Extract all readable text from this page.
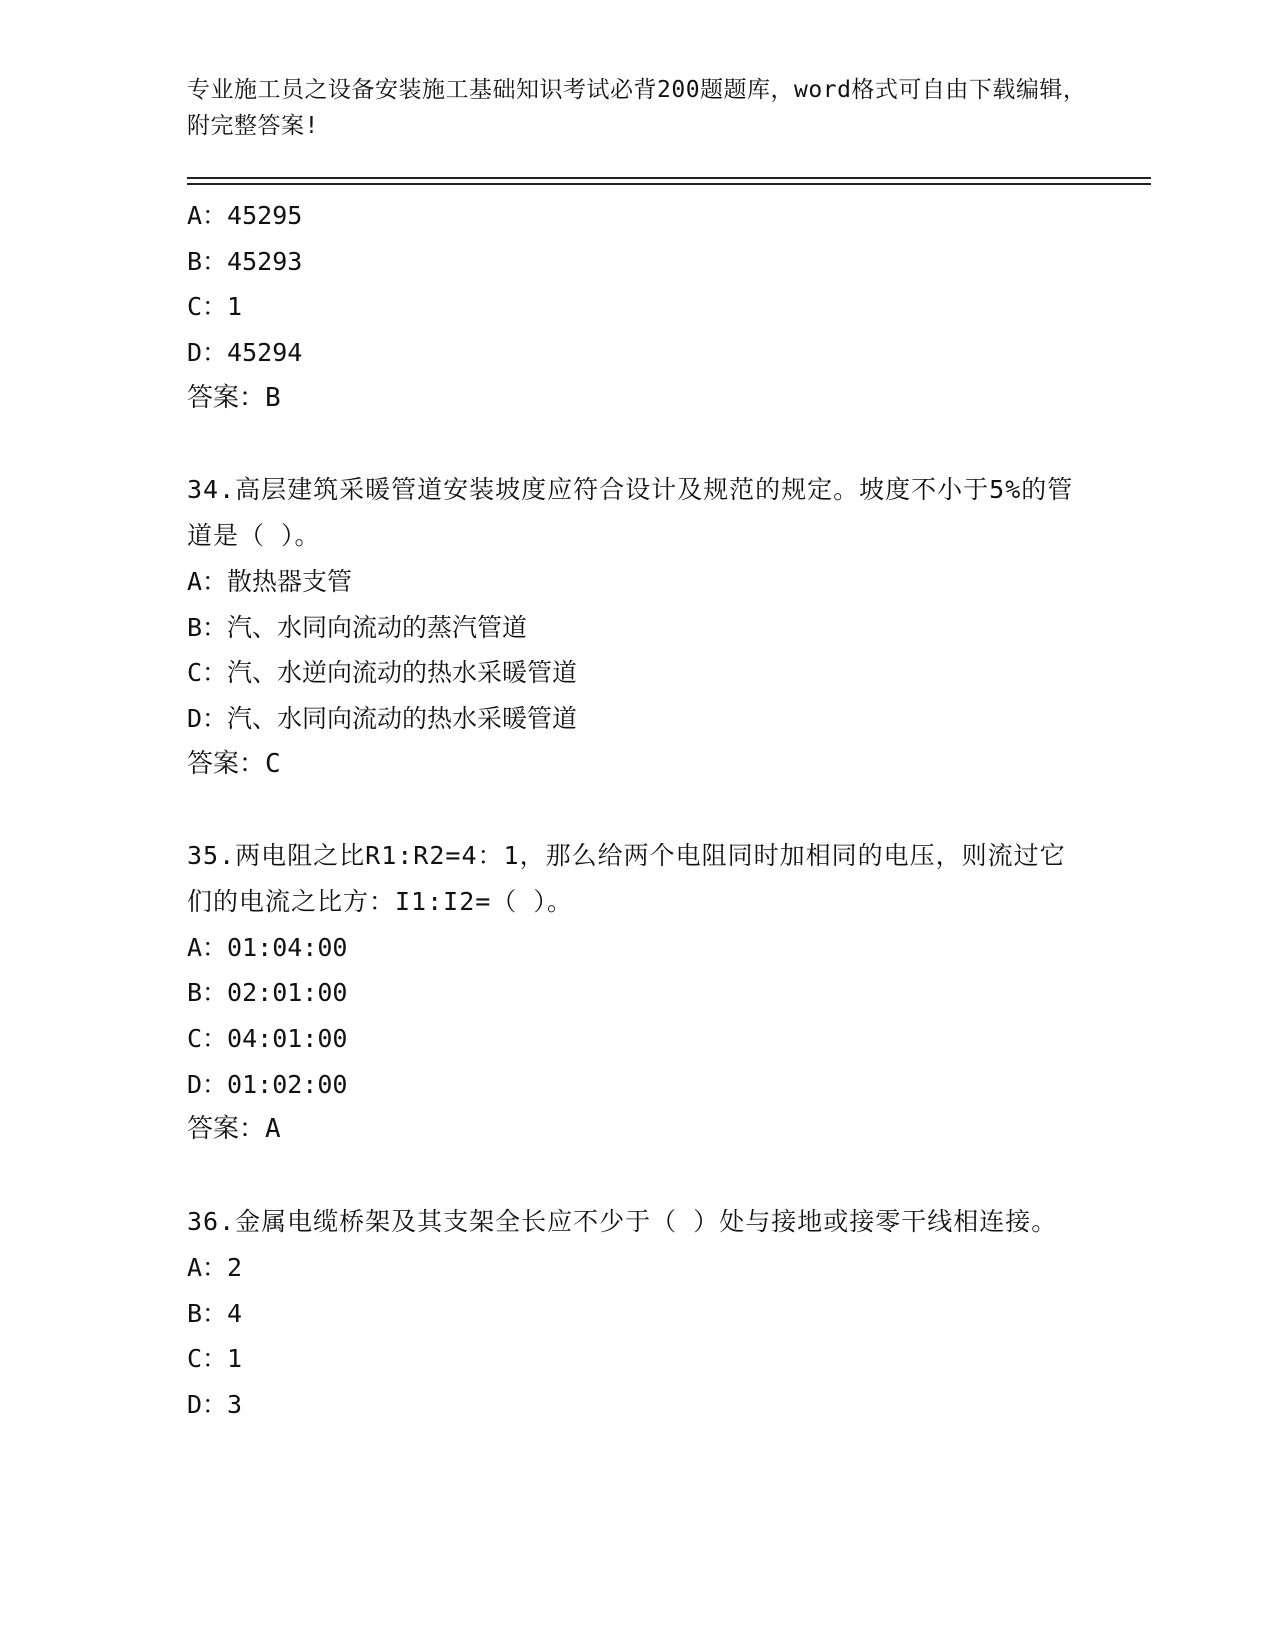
专业施工员之设备安装施工基础知识考试必背200题题库，word格式可自由下载编辑，附完整答案!
A：45295
B：45293
C：1
D：45294
答案：B
34.高层建筑采暖管道安装坡度应符合设计及规范的规定。坡度不小于5%的管道是（ ）。
A：散热器支管
B：汽、水同向流动的蒸汽管道
C：汽、水逆向流动的热水采暖管道
D：汽、水同向流动的热水采暖管道
答案：C
35.两电阻之比R1:R2=4：1，那么给两个电阻同时加相同的电压，则流过它们的电流之比方：I1:I2=（ ）。
A：01:04:00
B：02:01:00
C：04:01:00
D：01:02:00
答案：A
36.金属电缆桥架及其支架全长应不少于（ ）处与接地或接零干线相连接。
A：2
B：4
C：1
D：3
